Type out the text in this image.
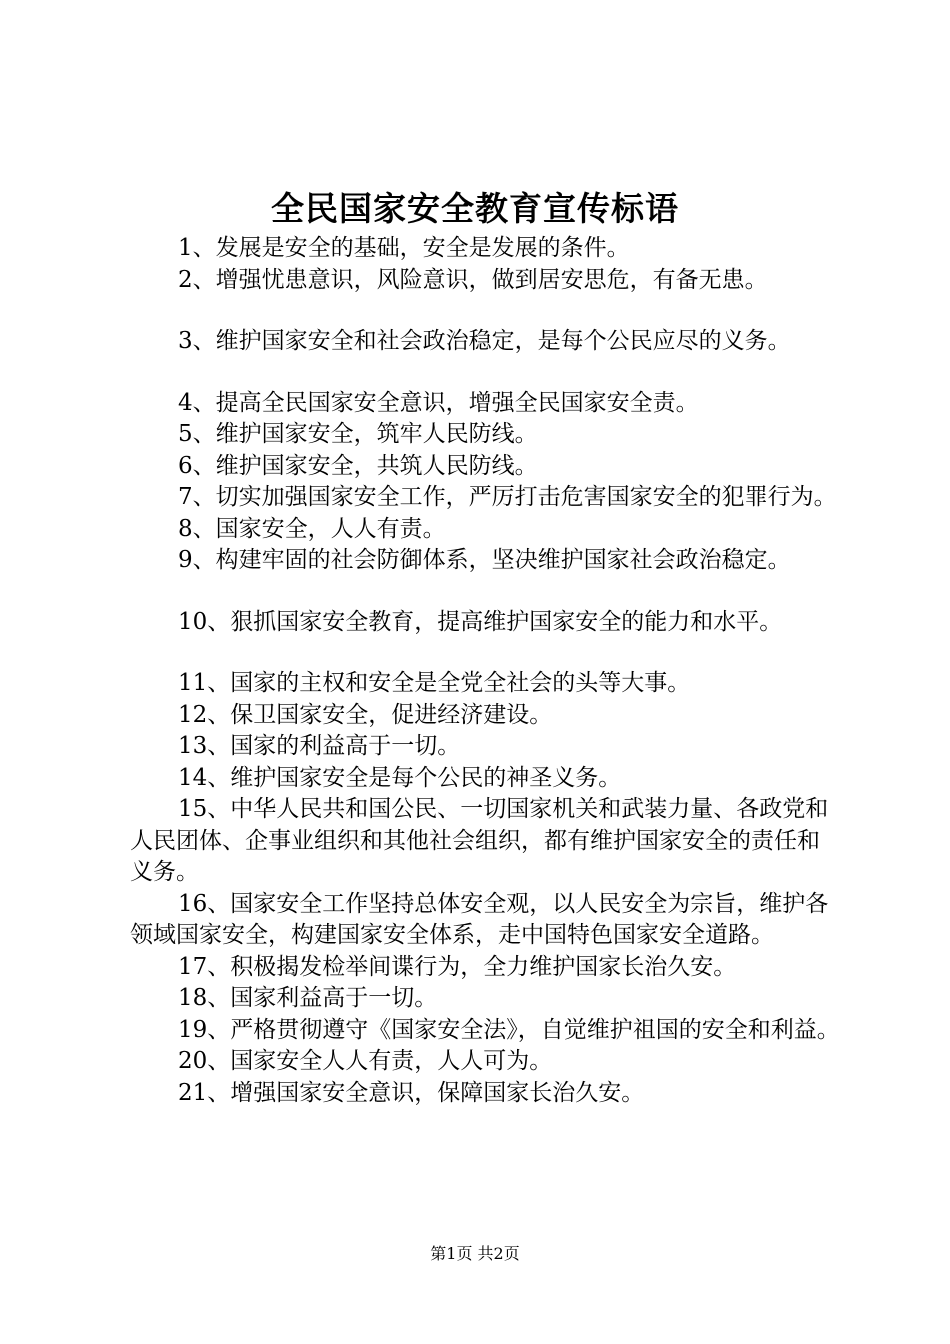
全民国家安全教育宣传标语

1、发展是安全的基础，安全是发展的条件。

2、增强忧患意识，风险意识，做到居安思危，有备无患。

3、维护国家安全和社会政治稳定，是每个公民应尽的义务。

4、提高全民国家安全意识，增强全民国家安全责。

5、维护国家安全，筑牢人民防线。

6、维护国家安全，共筑人民防线。

7、切实加强国家安全工作，严厉打击危害国家安全的犯罪行为。

8、国家安全，人人有责。

9、构建牢固的社会防御体系，坚决维护国家社会政治稳定。

10、狠抓国家安全教育，提高维护国家安全的能力和水平。

11、国家的主权和安全是全党全社会的头等大事。

12、保卫国家安全，促进经济建设。

13、国家的利益高于一切。

14、维护国家安全是每个公民的神圣义务。

15、中华人民共和国公民、一切国家机关和武装力量、各政党和人民团体、企事业组织和其他社会组织，都有维护国家安全的责任和义务。

16、国家安全工作坚持总体安全观，以人民安全为宗旨，维护各领域国家安全，构建国家安全体系，走中国特色国家安全道路。

17、积极揭发检举间谍行为，全力维护国家长治久安。

18、国家利益高于一切。

19、严格贯彻遵守《国家安全法》，自觉维护祖国的安全和利益。

20、国家安全人人有责，人人可为。

21、增强国家安全意识，保障国家长治久安。

第1页 共2页
